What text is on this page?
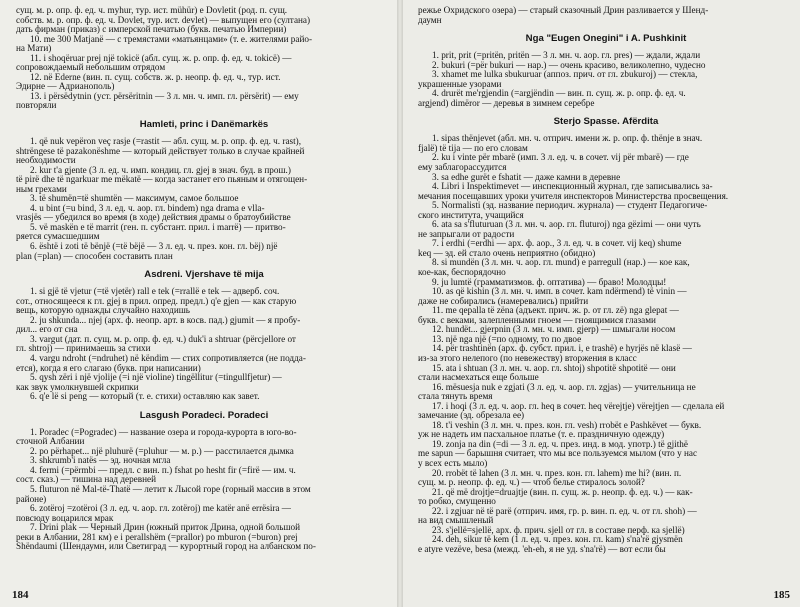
сущ. м. р. опр. ф. ед. ч. myhur, тур. ист. mühür) e Dovletit (род. п. сущ.
собств. м. р. опр. ф. ед. ч. Dovlet, тур. ист. devlet) — выпущен его (султана)
дать фирман (приказ) с имперской печатью (букв. печатью Империи)
10. me 300 Matjanë — с тремястами «матьянцами» (т. е. жителями райо-
на Мати)
11. i shoqëruar prej një tokicë (абл. сущ. ж. р. опр. ф. ед. ч. tokicë) —
сопровождаемый небольшим отрядом
12. në Ederne (вин. п. сущ. собств. ж. р. неопр. ф. ед. ч., тур. ист.
Эдирне — Адрианополь)
13. i përsëdytnin (уст. përsëritnin — 3 л. мн. ч. имп. гл. përsërit) — ему
повторяли
Hamleti, princ i Danëmarkës
1. që nuk vepëron veç rasje (=rastit — абл. сущ. м. р. опр. ф. ед. ч. rast),
shtrëngese të pazakonëshme — который действует только в случае крайней
необходимости
2. kur t'a gjente (3 л. ед. ч. имп. кондиц. гл. gjej в знач. буд. в прош.)
të pirë dhe të ngarkuar me mëkatë — когда застанет его пьяным и отягощен-
ным грехами
3. të shumën=të shumtën — максимум, самое большое
4. u bint (=u bind, 3 л. ед. ч. аор. гл. bindem) nga drama e vlla-
vrasjës — убедился во время (в ходе) действия драмы о братоубийстве
5. vë maskën e të marrit (ген. п. субстант. прил. i marrë) — притво-
ряется сумасшедшим
6. është i zoti të bënjë (=të bëjë — 3 л. ед. ч. през. кон. гл. bëj) një
plan (=plan) — способен составить план
Asdreni. Vjershave të mija
1. si gjë të vjetur (=të vjetër) rall e tek (=rrallë e tek — адверб. соч.
сот., относящееся к гл. gjej в прил. опред. предл.) q'e gjen — как старую
вещь, которую однажды случайно находишь
2. ju shkunda... njej (арх. ф. неопр. арт. в косв. пад.) gjumit — я пробу-
дил... его от сна
3. vargut (дат. п. сущ. м. р. опр. ф. ед. ч.) duk'i a shtruar (përcjellore от
гл. shtroj) — принимаешь за стихи
4. vargu ndroht (=ndruhet) në këndim — стих сопротивляется (не подда-
ется), когда я его слагаю (букв. при написании)
5. qysh zëri i një vjolije (=i një violine) tingëllitur (=tingullfjetur) —
как звук умолкнувшей скрипки
6. q'e lë si peng — который (т. е. стихи) оставляю как завет.
Lasgush Poradeci. Poradeci
1. Poradec (=Pogradec) — название озера и города-курорта в юго-во-
сточной Албании
2. po përhapet... një pluhurë (=pluhur — м. р.) — расстилается дымка
3. shkrumb'i natës — эд. ночная мгла
4. fermi (=përmbi — предл. с вин. п.) fshat po hesht fir (=firë — им. ч.
сост. сказ.) — тишина над деревней
5. fluturon në Mal-të-Thatë — летит к Лысой горе (горный массив в этом
районе)
6. zotëroj =zotëroi (3 л. ед. ч. аор. гл. zotëroj) me katër anë errësira —
повсюду воцарился мрак
7. Drini plak — Черный Дрин (южный приток Дрина, одной большой
реки в Албании, 281 км) e i perallshëm (=prallor) po mburon (=buron) prej
Shëndaumi (Шендаумн, или Светигрaд — курортный город на албанском по-
184
режье Охридского озера) — старый сказочный Дрин разливается у Шенд-
даумн
Nga "Eugen Onegini" i A. Pushkinit
1. prit, prit (=pritën, pritën — 3 л. мн. ч. аор. гл. pres) — ждали, ждали
2. bukuri (=për bukuri — нар.) — очень красиво, великолепно, чудесно
3. xhamet me lulka sbukuruar (аппоз. прич. от гл. zbukuroj) — стекла,
украшенные узорами
4. drurët me'rgjendin (=argjëndin — вин. п. сущ. ж. р. опр. ф. ед. ч.
argjend) dimëror — деревья в зимнем серебре
Sterjo Spasse. Afërdita
1. sipas thënjevet (абл. мн. ч. отприч. имени ж. р. опр. ф. thënje в знач.
fjalë) të tija — по его словам
2. ku i vinte për mbarë (имп. 3 л. ед. ч. в сочет. vij për mbarë) — где
ему заблагорассудится
3. sa edhe gurët e fshatit — даже камни в деревне
4. Libri i Inspektimevet — инспекционный журнал, где записывались за-
мечания посещавших уроки учителя инспекторов Министерства просвещения.
5. Normalisti (эд. название периодич. журнала) — студент Педагогиче-
ского института, учащийся
6. ata sa s'fluturuan (3 л. мн. ч. аор. гл. fluturoj) nga gëzimi — они чуть
не запрыгали от радости
7. i erdhi (=erdhi — арх. ф. аор., 3 л. ед. ч. в сочет. vij keq) shume
keq — эд. ей стало очень неприятно (обидно)
8. si mundën (3 л. мн. ч. аор. гл. mund) e parregull (нар.) — кое как,
кое-как, беспорядочно
9. ju lumtë (грамматизмов. ф. оптатива) — браво! Молодцы!
10. as që kishin (3 л. мн. ч. имп. в сочет. kam ndërmend) të vinin —
даже не собирались (намеревались) прийти
11. me qepalla të zëna (адъект. прич. ж. р. от гл. zë) nga glepat —
букв. с веками, залепленными гноем — гноящимися глазами
12. hundët... gjerpnin (3 л. мн. ч. имп. gjerp) — шмыгали носом
13. një nga një (=по одному, то по двое
14. për trashtinën (арх. ф. субст. прил. i, e trashë) e hyrjës në klasë —
из-за этого нелепого (по невежеству) вторжения в класс
15. ata i shtuan (3 л. мн. ч. аор. гл. shtoj) shpotitë shpotitë — они
стали насмехаться еще больше
16. mësuesja nuk e zgjati (3 л. ед. ч. аор. гл. zgjas) — учительница не
стала тянуть время
17. i hoqi (3 л. ед. ч. аор. гл. heq в сочет. heq vërejtje) vërejtjen — сделала ей
замечание (эд. обрезала ее)
18. t'i veshin (3 л. мн. ч. през. кон. гл. vesh) rrobët e Pashkëvet — букв.
уж не надеть им пасхальное платье (т. е. праздничную одежду)
19. zonja na din (=di — 3 л. ед. ч. през. инд. в мод. употр.) të gjithë
me sapun — барышня считает, что мы все пользуемся мылом (что у нас
у всех есть мыло)
20. rrobët të lahen (3 л. мн. ч. през. кон. гл. lahem) me hi? (вин. п.
сущ. м. р. неопр. ф. ед. ч.) — чтоб белье стиралось золой?
21. që më drojtje=druajtje (вин. п. сущ. ж. р. неопр. ф. ед. ч.) — как-
то робко, смущенно
22. i zgjuar në të parë (отприч. имя, гр. р. вин. п. ед. ч. от гл. shoh) —
на вид смышленый
23. s'jellë=sjellë, арх. ф. прич. sjell от гл. в составе перф. ка sjellë)
24. deh, sikur të kem (1 л. ед. ч. през. кон. гл. kam) s'na'rë gjysmën
e atyre vezëve, besa (межд. 'eh-eh, я не уд. s'na'rë) — вот если бы
185
